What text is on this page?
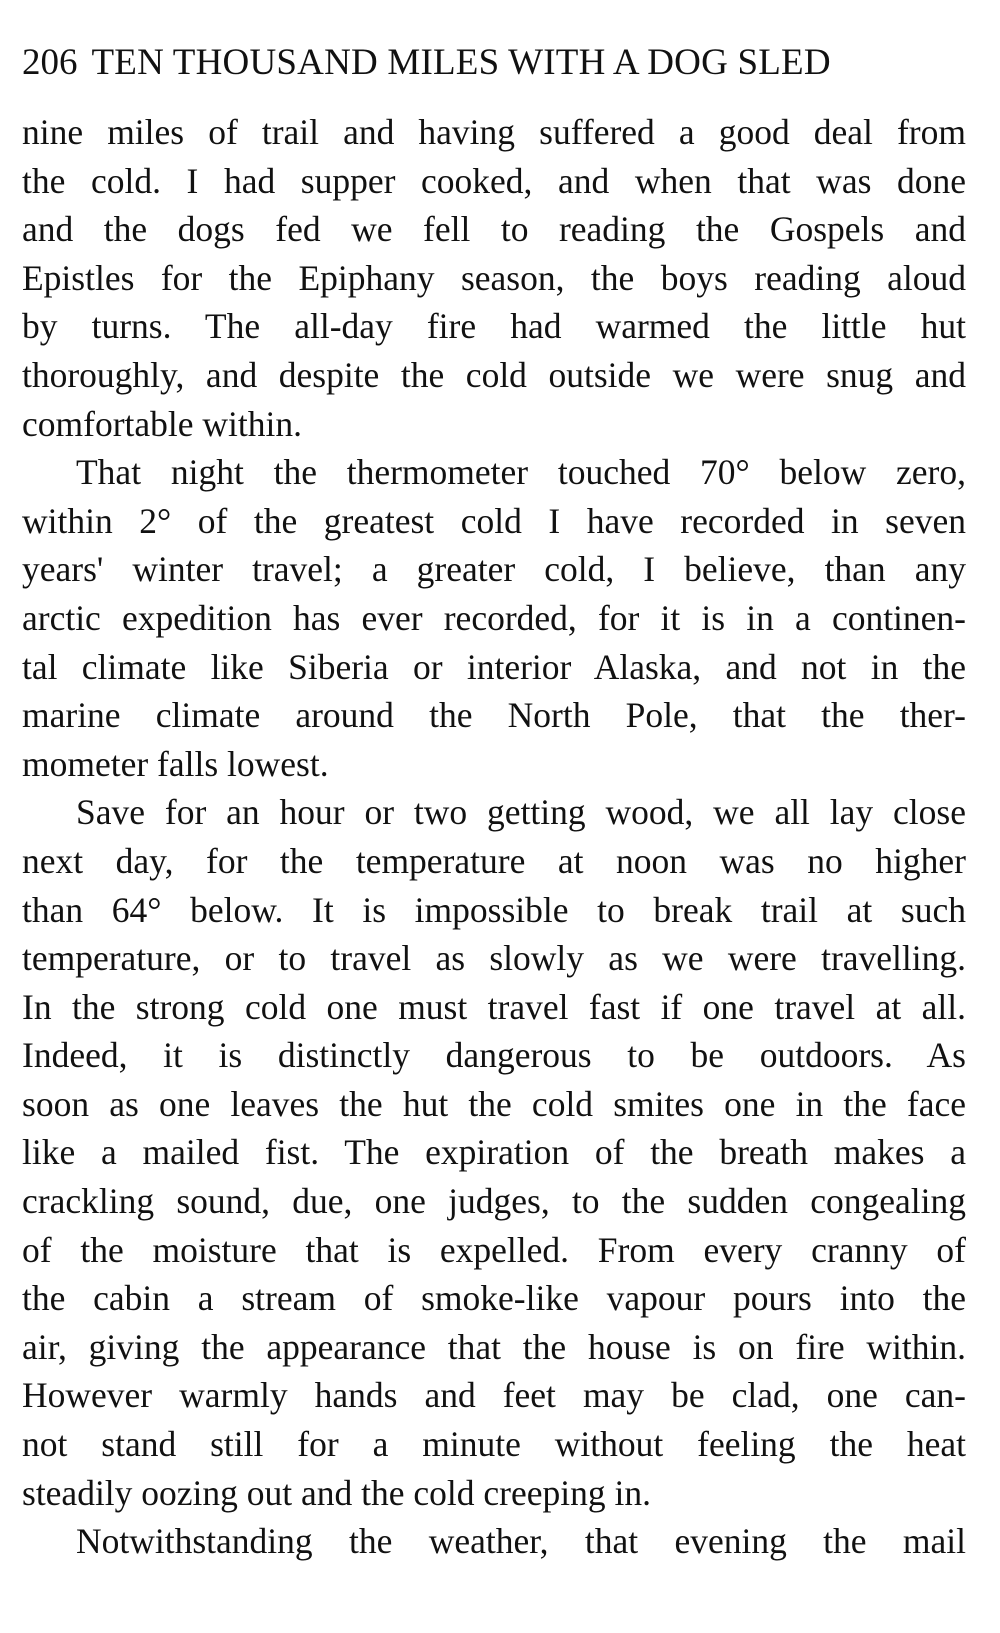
206 TEN THOUSAND MILES WITH A DOG SLED
nine miles of trail and having suffered a good deal from
the cold. I had supper cooked, and when that was done
and the dogs fed we fell to reading the Gospels and
Epistles for the Epiphany season, the boys reading aloud
by turns. The all-day fire had warmed the little hut
thoroughly, and despite the cold outside we were snug and
comfortable within.
That night the thermometer touched 70° below zero,
within 2° of the greatest cold I have recorded in seven
years' winter travel; a greater cold, I believe, than any
arctic expedition has ever recorded, for it is in a continen-
tal climate like Siberia or interior Alaska, and not in the
marine climate around the North Pole, that the ther-
mometer falls lowest.
Save for an hour or two getting wood, we all lay close
next day, for the temperature at noon was no higher
than 64° below. It is impossible to break trail at such
temperature, or to travel as slowly as we were travelling.
In the strong cold one must travel fast if one travel at all.
Indeed, it is distinctly dangerous to be outdoors. As
soon as one leaves the hut the cold smites one in the face
like a mailed fist. The expiration of the breath makes a
crackling sound, due, one judges, to the sudden congealing
of the moisture that is expelled. From every cranny of
the cabin a stream of smoke-like vapour pours into the
air, giving the appearance that the house is on fire within.
However warmly hands and feet may be clad, one can-
not stand still for a minute without feeling the heat
steadily oozing out and the cold creeping in.
Notwithstanding the weather, that evening the mail
